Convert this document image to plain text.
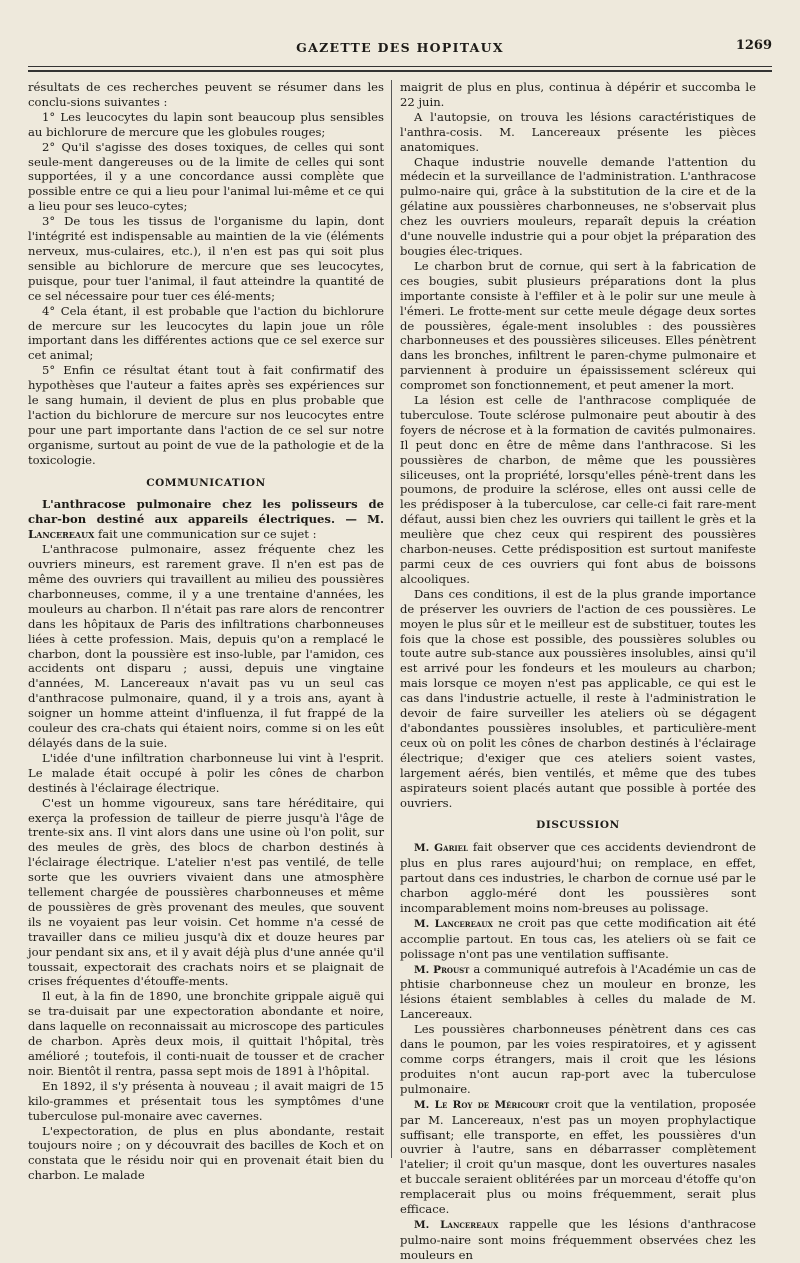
GAZETTE DES HOPITAUX	1269

résultats de ces recherches peuvent se résumer dans les conclu-sions suivantes :

1° Les leucocytes du lapin sont beaucoup plus sensibles au bichlorure de mercure que les globules rouges;

2° Qu'il s'agisse des doses toxiques, de celles qui sont seule-ment dangereuses ou de la limite de celles qui sont supportées, il y a une concordance aussi complète que possible entre ce qui a lieu pour l'animal lui-même et ce qui a lieu pour ses leuco-cytes;

3° De tous les tissus de l'organisme du lapin, dont l'intégrité est indispensable au maintien de la vie (éléments nerveux, mus-culaires, etc.), il n'en est pas qui soit plus sensible au bichlorure de mercure que ses leucocytes, puisque, pour tuer l'animal, il faut atteindre la quantité de ce sel nécessaire pour tuer ces élé-ments;

4° Cela étant, il est probable que l'action du bichlorure de mercure sur les leucocytes du lapin joue un rôle important dans les différentes actions que ce sel exerce sur cet animal;

5° Enfin ce résultat étant tout à fait confirmatif des hypothèses que l'auteur a faites après ses expériences sur le sang humain, il devient de plus en plus probable que l'action du bichlorure de mercure sur nos leucocytes entre pour une part importante dans l'action de ce sel sur notre organisme, surtout au point de vue de la pathologie et de la toxicologie.

COMMUNICATION

L'anthracose pulmonaire chez les polisseurs de char-bon destiné aux appareils électriques. — M. Lancereaux fait une communication sur ce sujet :

L'anthracose pulmonaire, assez fréquente chez les ouvriers mineurs, est rarement grave. Il n'en est pas de même des ouvriers qui travaillent au milieu des poussières charbonneuses, comme, il y a une trentaine d'années, les mouleurs au charbon. Il n'était pas rare alors de rencontrer dans les hôpitaux de Paris des infiltrations charbonneuses liées à cette profession. Mais, depuis qu'on a remplacé le charbon, dont la poussière est inso-luble, par l'amidon, ces accidents ont disparu ; aussi, depuis une vingtaine d'années, M. Lancereaux n'avait pas vu un seul cas d'anthracose pulmonaire, quand, il y a trois ans, ayant à soigner un homme atteint d'influenza, il fut frappé de la couleur des cra-chats qui étaient noirs, comme si on les eût délayés dans de la suie.

L'idée d'une infiltration charbonneuse lui vint à l'esprit. Le malade était occupé à polir les cônes de charbon destinés à l'éclairage électrique.

C'est un homme vigoureux, sans tare héréditaire, qui exerça la profession de tailleur de pierre jusqu'à l'âge de trente-six ans. Il vint alors dans une usine où l'on polit, sur des meules de grès, des blocs de charbon destinés à l'éclairage électrique. L'atelier n'est pas ventilé, de telle sorte que les ouvriers vivaient dans une atmosphère tellement chargée de poussières charbonneuses et même de poussières de grès provenant des meules, que souvent ils ne voyaient pas leur voisin. Cet homme n'a cessé de travailler dans ce milieu jusqu'à dix et douze heures par jour pendant six ans, et il y avait déjà plus d'une année qu'il toussait, expectorait des crachats noirs et se plaignait de crises fréquentes d'étouffe-ments.

Il eut, à la fin de 1890, une bronchite grippale aiguë qui se tra-duisait par une expectoration abondante et noire, dans laquelle on reconnaissait au microscope des particules de charbon. Après deux mois, il quittait l'hôpital, très amélioré ; toutefois, il conti-nuait de tousser et de cracher noir. Bientôt il rentra, passa sept mois de 1891 à l'hôpital.

En 1892, il s'y présenta à nouveau ; il avait maigri de 15 kilo-grammes et présentait tous les symptômes d'une tuberculose pul-monaire avec cavernes.

L'expectoration, de plus en plus abondante, restait toujours noire ; on y découvrait des bacilles de Koch et on constata que le résidu noir qui en provenait était bien du charbon. Le malade

maigrit de plus en plus, continua à dépérir et succomba le 22 juin.

A l'autopsie, on trouva les lésions caractéristiques de l'anthra-cosis. M. Lancereaux présente les pièces anatomiques.

Chaque industrie nouvelle demande l'attention du médecin et la surveillance de l'administration. L'anthracose pulmo-naire qui, grâce à la substitution de la cire et de la gélatine aux poussières charbonneuses, ne s'observait plus chez les ouvriers mouleurs, reparaît depuis la création d'une nouvelle industrie qui a pour objet la préparation des bougies élec-triques.

Le charbon brut de cornue, qui sert à la fabrication de ces bougies, subit plusieurs préparations dont la plus importante consiste à l'effiler et à le polir sur une meule à l'émeri. Le frotte-ment sur cette meule dégage deux sortes de poussières, égale-ment insolubles : des poussières charbonneuses et des poussières siliceuses. Elles pénètrent dans les bronches, infiltrent le paren-chyme pulmonaire et parviennent à produire un épaississement scléreux qui compromet son fonctionnement, et peut amener la mort.

La lésion est celle de l'anthracose compliquée de tuberculose. Toute sclérose pulmonaire peut aboutir à des foyers de nécrose et à la formation de cavités pulmonaires. Il peut donc en être de même dans l'anthracose. Si les poussières de charbon, de même que les poussières siliceuses, ont la propriété, lorsqu'elles pénè-trent dans les poumons, de produire la sclérose, elles ont aussi celle de les prédisposer à la tuberculose, car celle-ci fait rare-ment défaut, aussi bien chez les ouvriers qui taillent le grès et la meulière que chez ceux qui respirent des poussières charbon-neuses. Cette prédisposition est surtout manifeste parmi ceux de ces ouvriers qui font abus de boissons alcooliques.

Dans ces conditions, il est de la plus grande importance de préserver les ouvriers de l'action de ces poussières. Le moyen le plus sûr et le meilleur est de substituer, toutes les fois que la chose est possible, des poussières solubles ou toute autre sub-stance aux poussières insolubles, ainsi qu'il est arrivé pour les fondeurs et les mouleurs au charbon; mais lorsque ce moyen n'est pas applicable, ce qui est le cas dans l'industrie actuelle, il reste à l'administration le devoir de faire surveiller les ateliers où se dégagent d'abondantes poussières insolubles, et particulière-ment ceux où on polit les cônes de charbon destinés à l'éclairage électrique; d'exiger que ces ateliers soient vastes, largement aérés, bien ventilés, et même que des tubes aspirateurs soient placés autant que possible à portée des ouvriers.

DISCUSSION

M. Gariel fait observer que ces accidents deviendront de plus en plus rares aujourd'hui; on remplace, en effet, partout dans ces industries, le charbon de cornue usé par le charbon agglo-méré dont les poussières sont incomparablement moins nom-breuses au polissage.

M. Lancereaux ne croit pas que cette modification ait été accomplie partout. En tous cas, les ateliers où se fait ce polissage n'ont pas une ventilation suffisante.

M. Proust a communiqué autrefois à l'Académie un cas de phtisie charbonneuse chez un mouleur en bronze, les lésions étaient semblables à celles du malade de M. Lancereaux.

Les poussières charbonneuses pénètrent dans ces cas dans le poumon, par les voies respiratoires, et y agissent comme corps étrangers, mais il croit que les lésions produites n'ont aucun rap-port avec la tuberculose pulmonaire.

M. Le Roy de Méricourt croit que la ventilation, proposée par M. Lancereaux, n'est pas un moyen prophylactique suffisant; elle transporte, en effet, les poussières d'un ouvrier à l'autre, sans en débarrasser complètement l'atelier; il croit qu'un masque, dont les ouvertures nasales et buccale seraient oblitérées par un morceau d'étoffe qu'on remplacerait plus ou moins fréquemment, serait plus efficace.

M. Lancereaux rappelle que les lésions d'anthracose pulmo-naire sont moins fréquemment observées chez les mouleurs en
